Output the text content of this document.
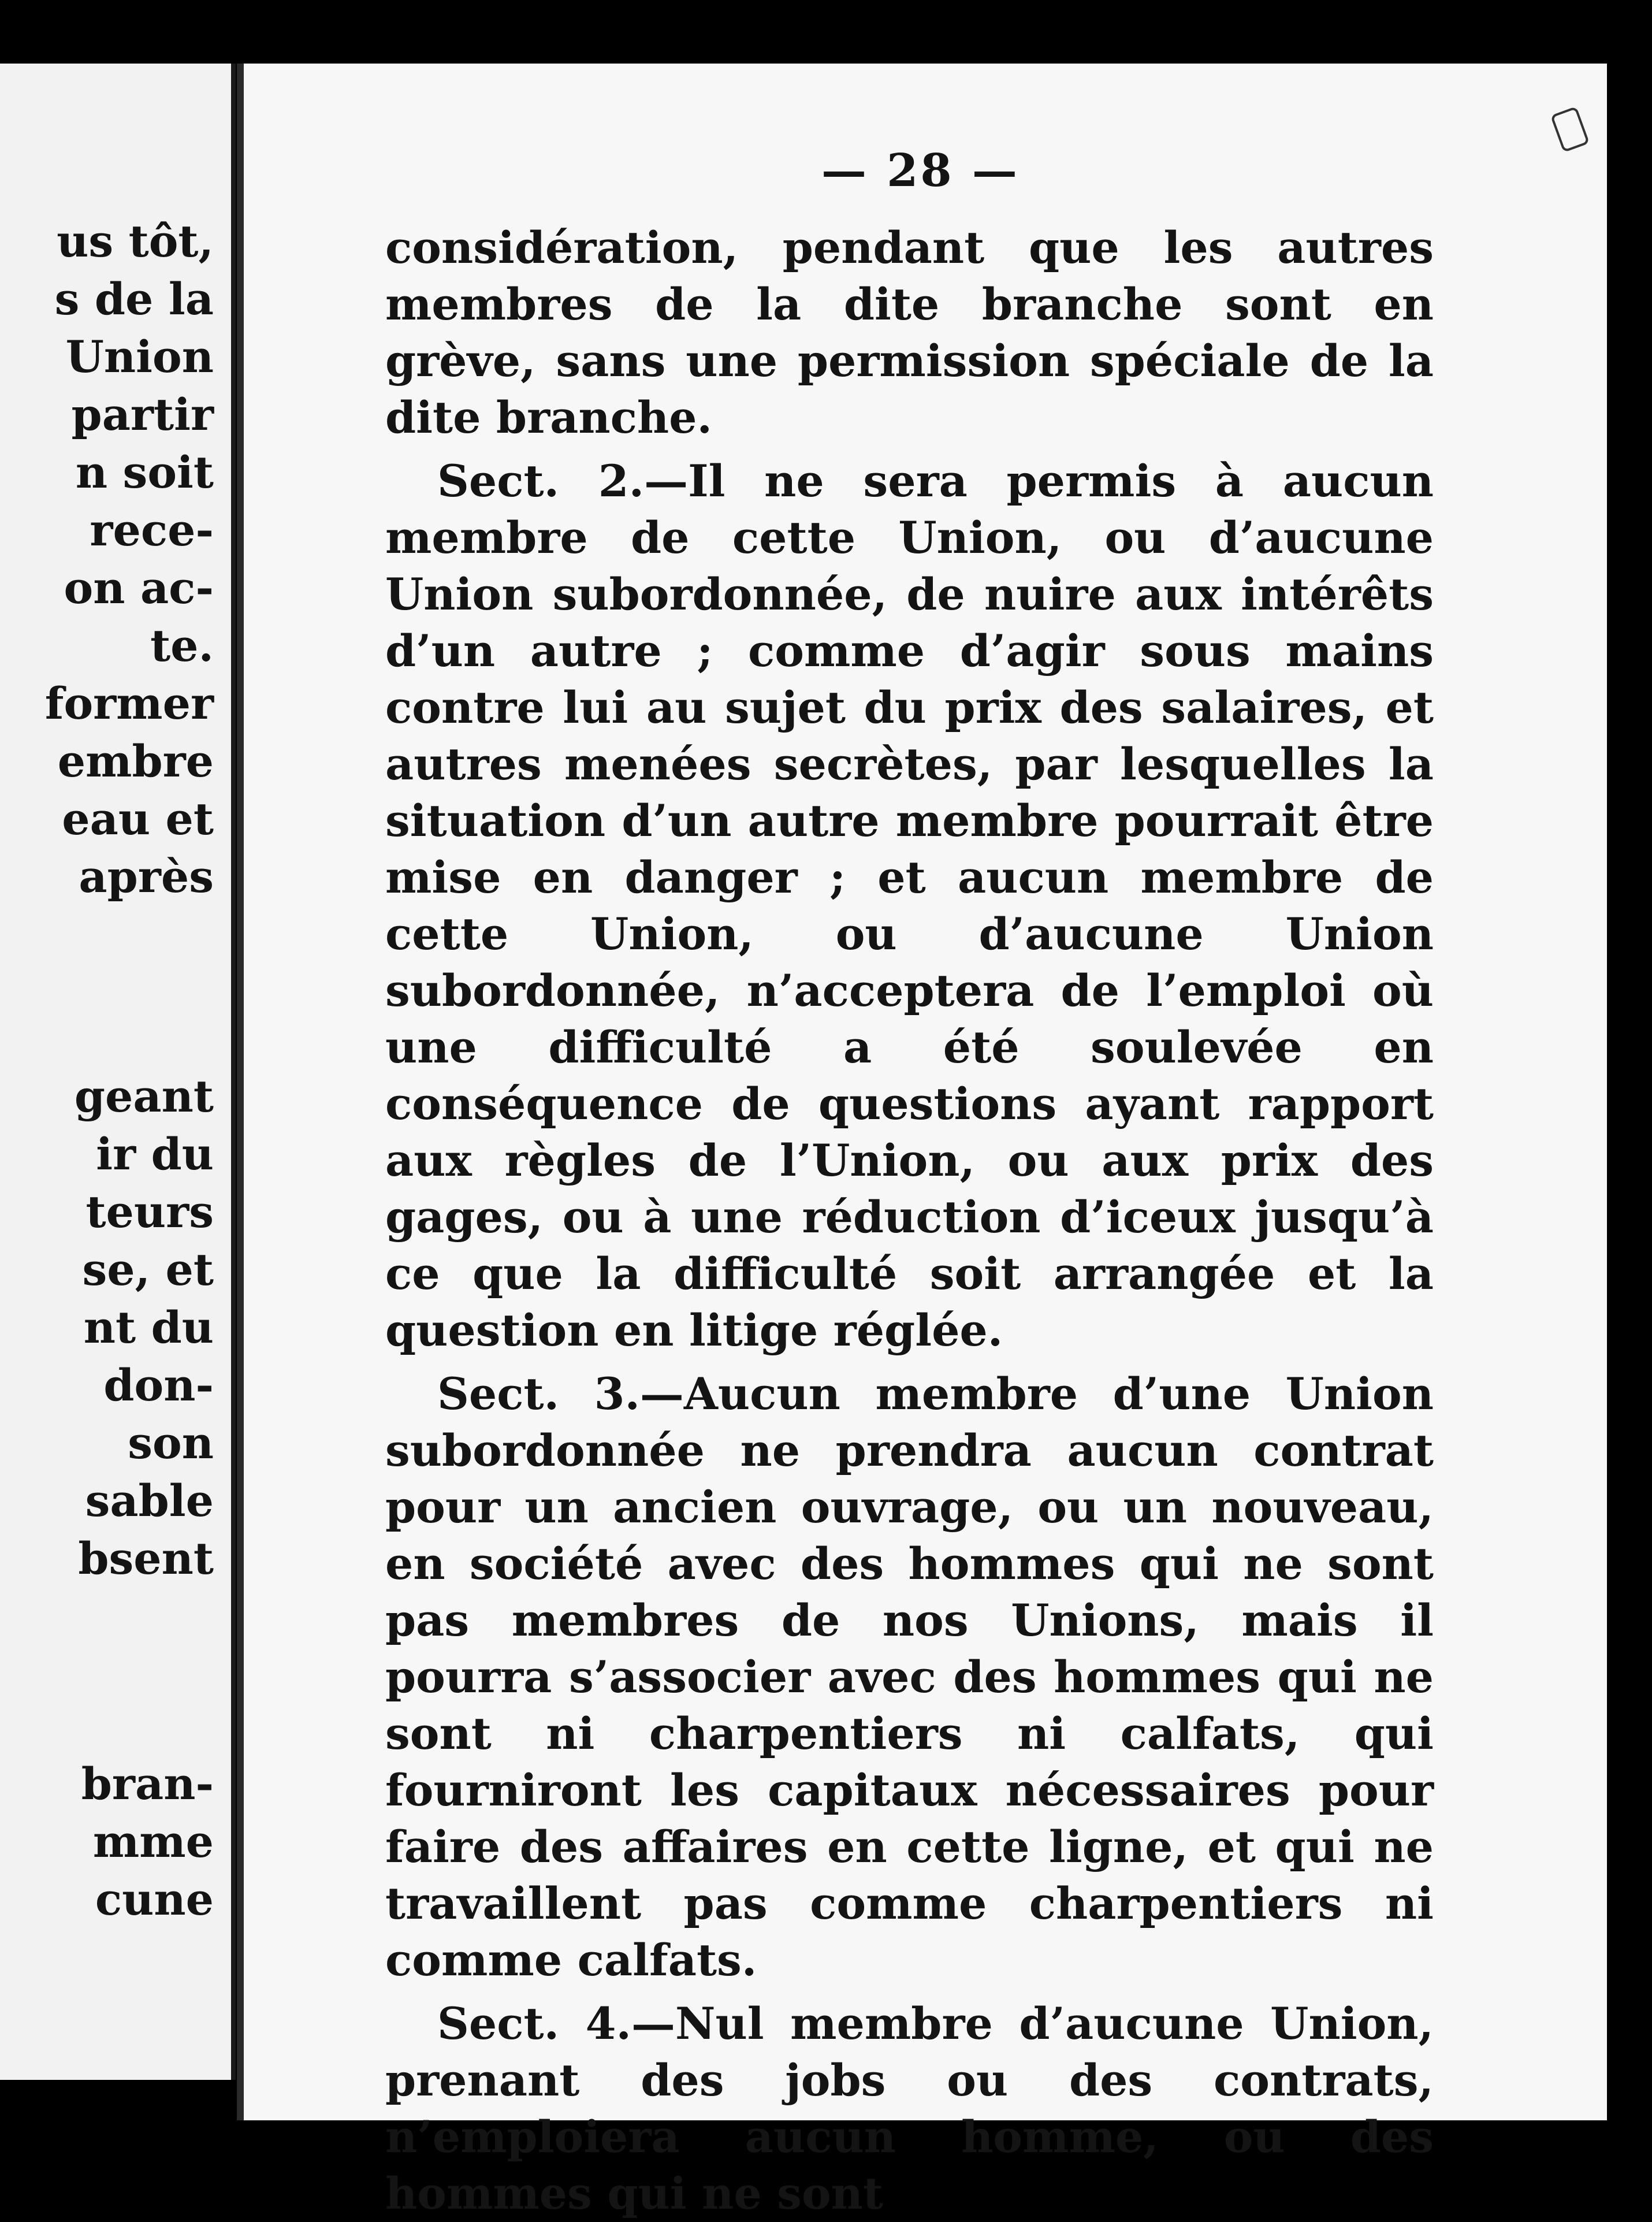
us tôt,
s de la
Union
partir
n soit
rece-
on ac-
te.
former
embre
eau et
après
geant
ir du
teurs
se, et
nt du
don-
son
sable
bsent
bran-
mme
cune
— 28 —

considération, pendant que les autres membres de la dite branche sont en grève, sans une permission spéciale de la dite branche.

Sect. 2.—Il ne sera permis à aucun membre de cette Union, ou d’aucune Union subordonnée, de nuire aux intérêts d’un autre ; comme d’agir sous mains contre lui au sujet du prix des salaires, et autres menées secrètes, par lesquelles la situation d’un autre membre pourrait être mise en danger ; et aucun membre de cette Union, ou d’aucune Union subordonnée, n’acceptera de l’emploi où une difficulté a été soulevée en conséquence de questions ayant rapport aux règles de l’Union, ou aux prix des gages, ou à une réduction d’iceux jusqu’à ce que la difficulté soit arrangée et la question en litige réglée.

Sect. 3.—Aucun membre d’une Union subordonnée ne prendra aucun contrat pour un ancien ouvrage, ou un nouveau, en société avec des hommes qui ne sont pas membres de nos Unions, mais il pourra s’associer avec des hommes qui ne sont ni charpentiers ni calfats, qui fourniront les capitaux nécessaires pour faire des affaires en cette ligne, et qui ne travaillent pas comme charpentiers ni comme calfats.

Sect. 4.—Nul membre d’aucune Union, prenant des jobs ou des contrats, n’emploiera aucun homme, ou des hommes qui ne sont
